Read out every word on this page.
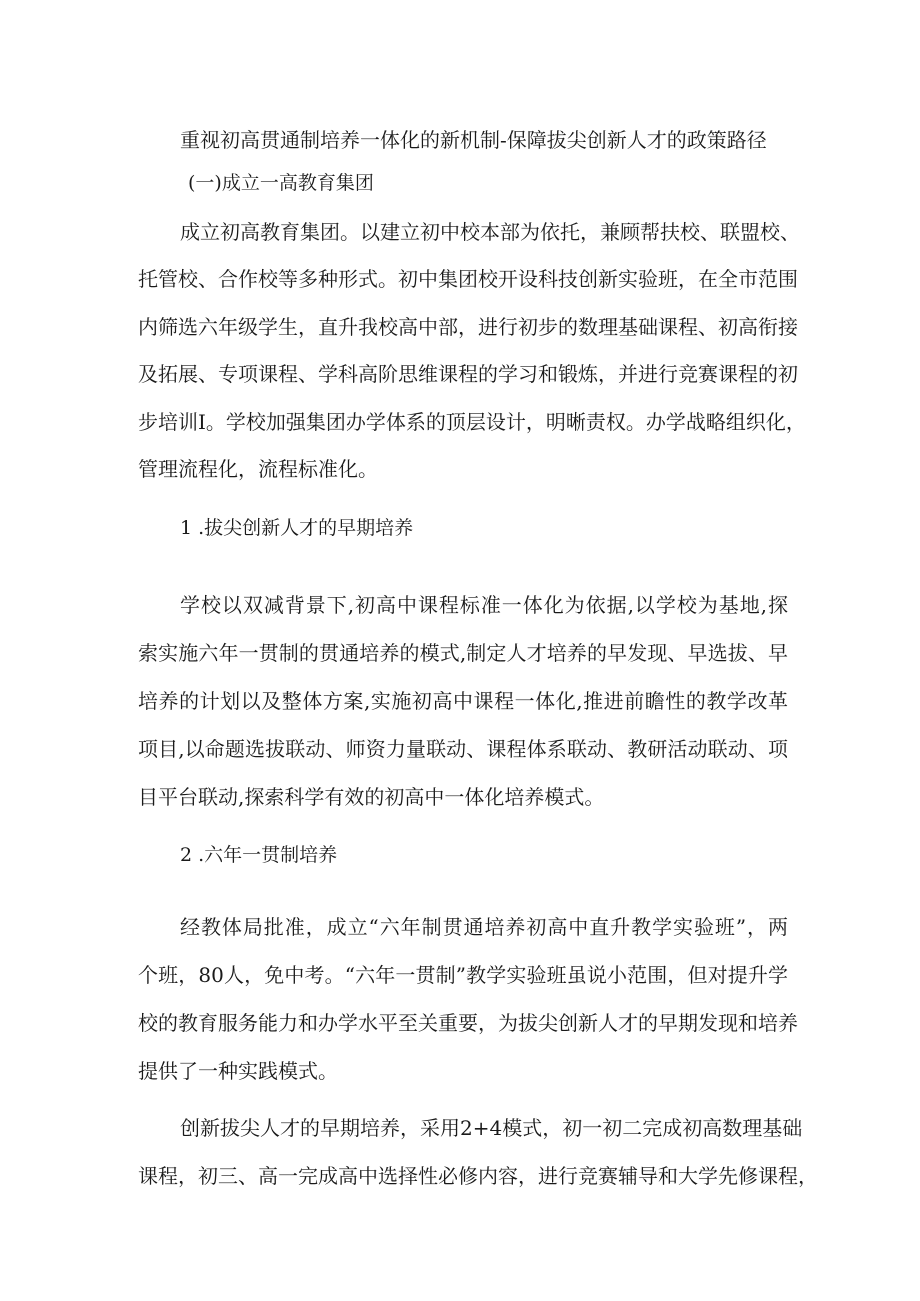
重视初高贯通制培养一体化的新机制-保障拔尖创新人才的政策路径
(一)成立一高教育集团
成立初高教育集团。以建立初中校本部为依托，兼顾帮扶校、联盟校、
托管校、合作校等多种形式。初中集团校开设科技创新实验班，在全市范围
内筛选六年级学生，直升我校高中部，进行初步的数理基础课程、初高衔接
及拓展、专项课程、学科高阶思维课程的学习和锻炼，并进行竞赛课程的初
步培训I。学校加强集团办学体系的顶层设计，明晰责权。办学战略组织化，
管理流程化，流程标准化。
1 .拔尖创新人才的早期培养
学校以双减背景下,初高中课程标准一体化为依据,以学校为基地,探
索实施六年一贯制的贯通培养的模式,制定人才培养的早发现、早选拔、早
培养的计划以及整体方案,实施初高中课程一体化,推进前瞻性的教学改革
项目,以命题选拔联动、师资力量联动、课程体系联动、教研活动联动、项
目平台联动,探索科学有效的初高中一体化培养模式。
2 .六年一贯制培养
经教体局批准，成立“六年制贯通培养初高中直升教学实验班”，两
个班，80人，免中考。“六年一贯制”教学实验班虽说小范围，但对提升学
校的教育服务能力和办学水平至关重要，为拔尖创新人才的早期发现和培养
提供了一种实践模式。
创新拔尖人才的早期培养，采用2+4模式，初一初二完成初高数理基础
课程，初三、高一完成高中选择性必修内容，进行竞赛辅导和大学先修课程，
